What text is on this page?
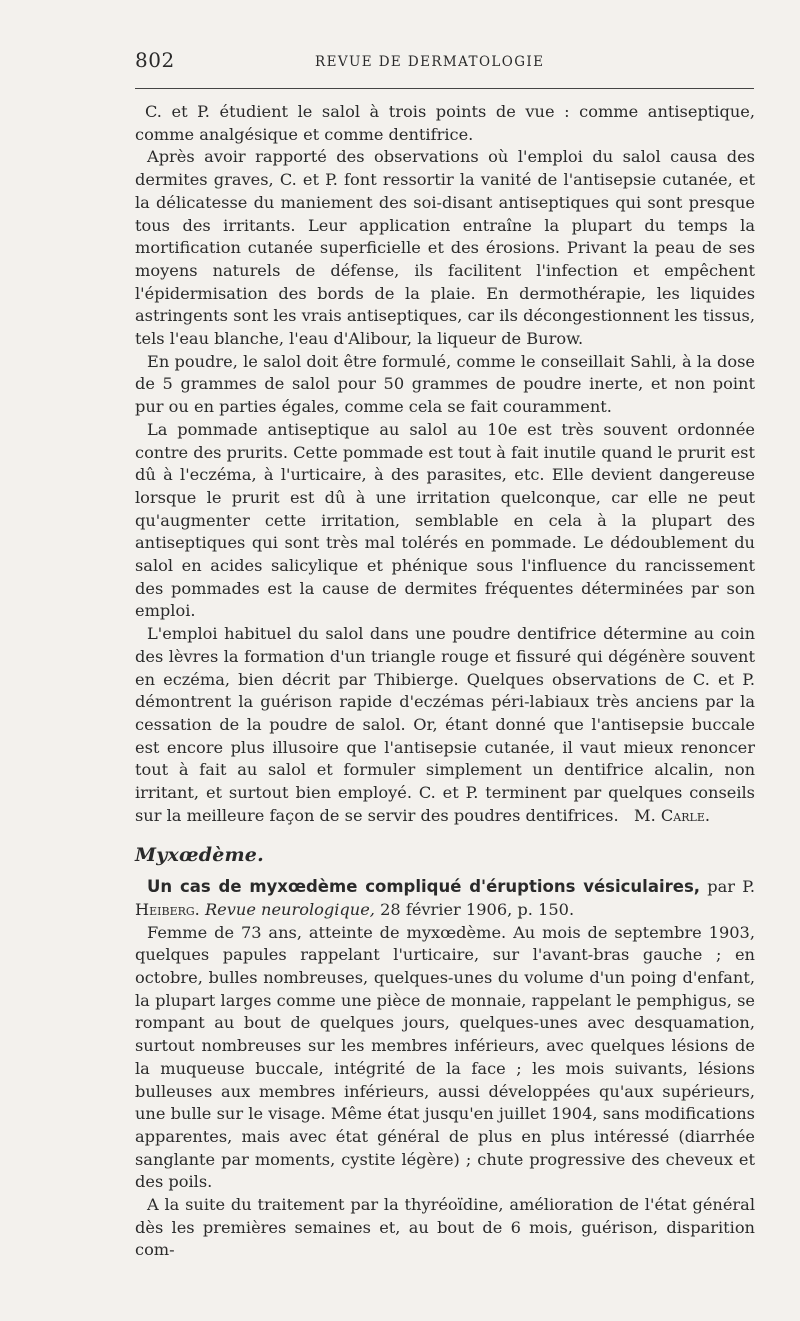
802	REVUE DE DERMATOLOGIE

C. et P. étudient le salol à trois points de vue : comme antiseptique, comme analgésique et comme dentifrice.

Après avoir rapporté des observations où l'emploi du salol causa des dermites graves, C. et P. font ressortir la vanité de l'antisepsie cutanée, et la délicatesse du maniement des soi-disant antiseptiques qui sont presque tous des irritants. Leur application entraîne la plupart du temps la mortification cutanée superficielle et des érosions. Privant la peau de ses moyens naturels de défense, ils facilitent l'infection et empêchent l'épidermisation des bords de la plaie. En dermothérapie, les liquides astringents sont les vrais antiseptiques, car ils décongestionnent les tissus, tels l'eau blanche, l'eau d'Alibour, la liqueur de Burow.

En poudre, le salol doit être formulé, comme le conseillait Sahli, à la dose de 5 grammes de salol pour 50 grammes de poudre inerte, et non point pur ou en parties égales, comme cela se fait couramment.

La pommade antiseptique au salol au 10e est très souvent ordonnée contre des prurits. Cette pommade est tout à fait inutile quand le prurit est dû à l'eczéma, à l'urticaire, à des parasites, etc. Elle devient dangereuse lorsque le prurit est dû à une irritation quelconque, car elle ne peut qu'augmenter cette irritation, semblable en cela à la plupart des antiseptiques qui sont très mal tolérés en pommade. Le dédoublement du salol en acides salicylique et phénique sous l'influence du rancissement des pommades est la cause de dermites fréquentes déterminées par son emploi.

L'emploi habituel du salol dans une poudre dentifrice détermine au coin des lèvres la formation d'un triangle rouge et fissuré qui dégénère souvent en eczéma, bien décrit par Thibierge. Quelques observations de C. et P. démontrent la guérison rapide d'eczémas péri-labiaux très anciens par la cessation de la poudre de salol. Or, étant donné que l'antisepsie buccale est encore plus illusoire que l'antisepsie cutanée, il vaut mieux renoncer tout à fait au salol et formuler simplement un dentifrice alcalin, non irritant, et surtout bien employé. C. et P. terminent par quelques conseils sur la meilleure façon de se servir des poudres dentifrices. M. Carle.

Myxœdème.

Un cas de myxœdème compliqué d'éruptions vésiculaires, par P. Heiberg. Revue neurologique, 28 février 1906, p. 150.

Femme de 73 ans, atteinte de myxœdème. Au mois de septembre 1903, quelques papules rappelant l'urticaire, sur l'avant-bras gauche ; en octobre, bulles nombreuses, quelques-unes du volume d'un poing d'enfant, la plupart larges comme une pièce de monnaie, rappelant le pemphigus, se rompant au bout de quelques jours, quelques-unes avec desquamation, surtout nombreuses sur les membres inférieurs, avec quelques lésions de la muqueuse buccale, intégrité de la face ; les mois suivants, lésions bulleuses aux membres inférieurs, aussi développées qu'aux supérieurs, une bulle sur le visage. Même état jusqu'en juillet 1904, sans modifications apparentes, mais avec état général de plus en plus intéressé (diarrhée sanglante par moments, cystite légère) ; chute progressive des cheveux et des poils.

A la suite du traitement par la thyréoïdine, amélioration de l'état général dès les premières semaines et, au bout de 6 mois, guérison, disparition com-
